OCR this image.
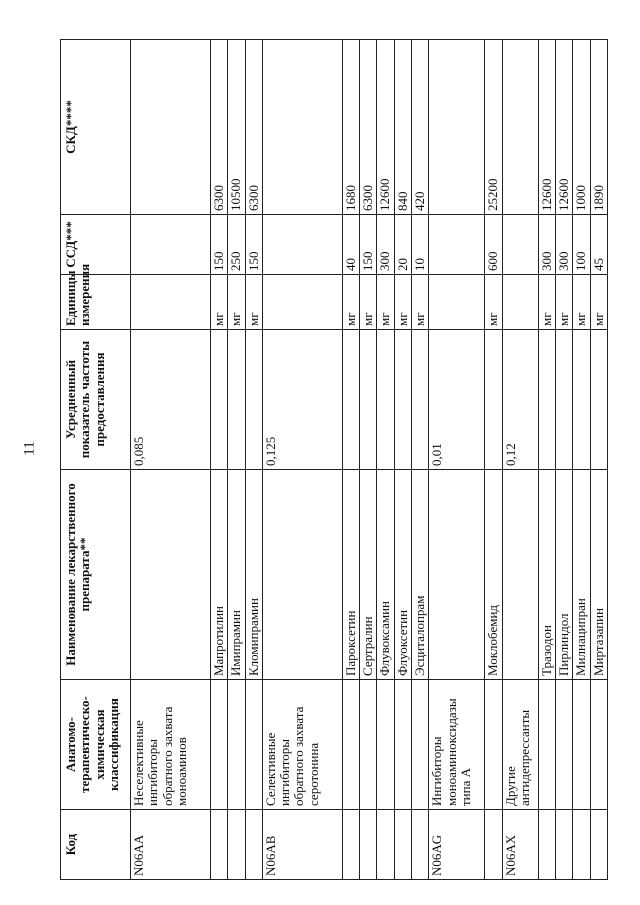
11
Код	Анатомо-терапевтическо-химическая классификация	Наименование лекарственного препарата**	Усредненный показатель частоты предоставления	Единицы измерения	ССД***	СКД****
N06AA	Неселективные ингибиторы обратного захвата моноаминов		0,085			
		Мапротилин		мг	150	6300
		Имипрамин		мг	250	10500
		Кломипрамин		мг	150	6300
N06AB	Селективные ингибиторы обратного захвата серотонина		0,125			
		Пароксетин		мг	40	1680
		Сертралин		мг	150	6300
		Флувоксамин		мг	300	12600
		Флуоксетин		мг	20	840
		Эсциталопрам		мг	10	420
N06AG	Ингибиторы моноаминоксидазы типа А		0,01			
		Моклобемид		мг	600	25200
N06AX	Другие антидепрессанты		0,12			
		Тразодон		мг	300	12600
		Пирлиндол		мг	300	12600
		Милнаципран		мг	100	1000
		Миртазапин		мг	45	1890
